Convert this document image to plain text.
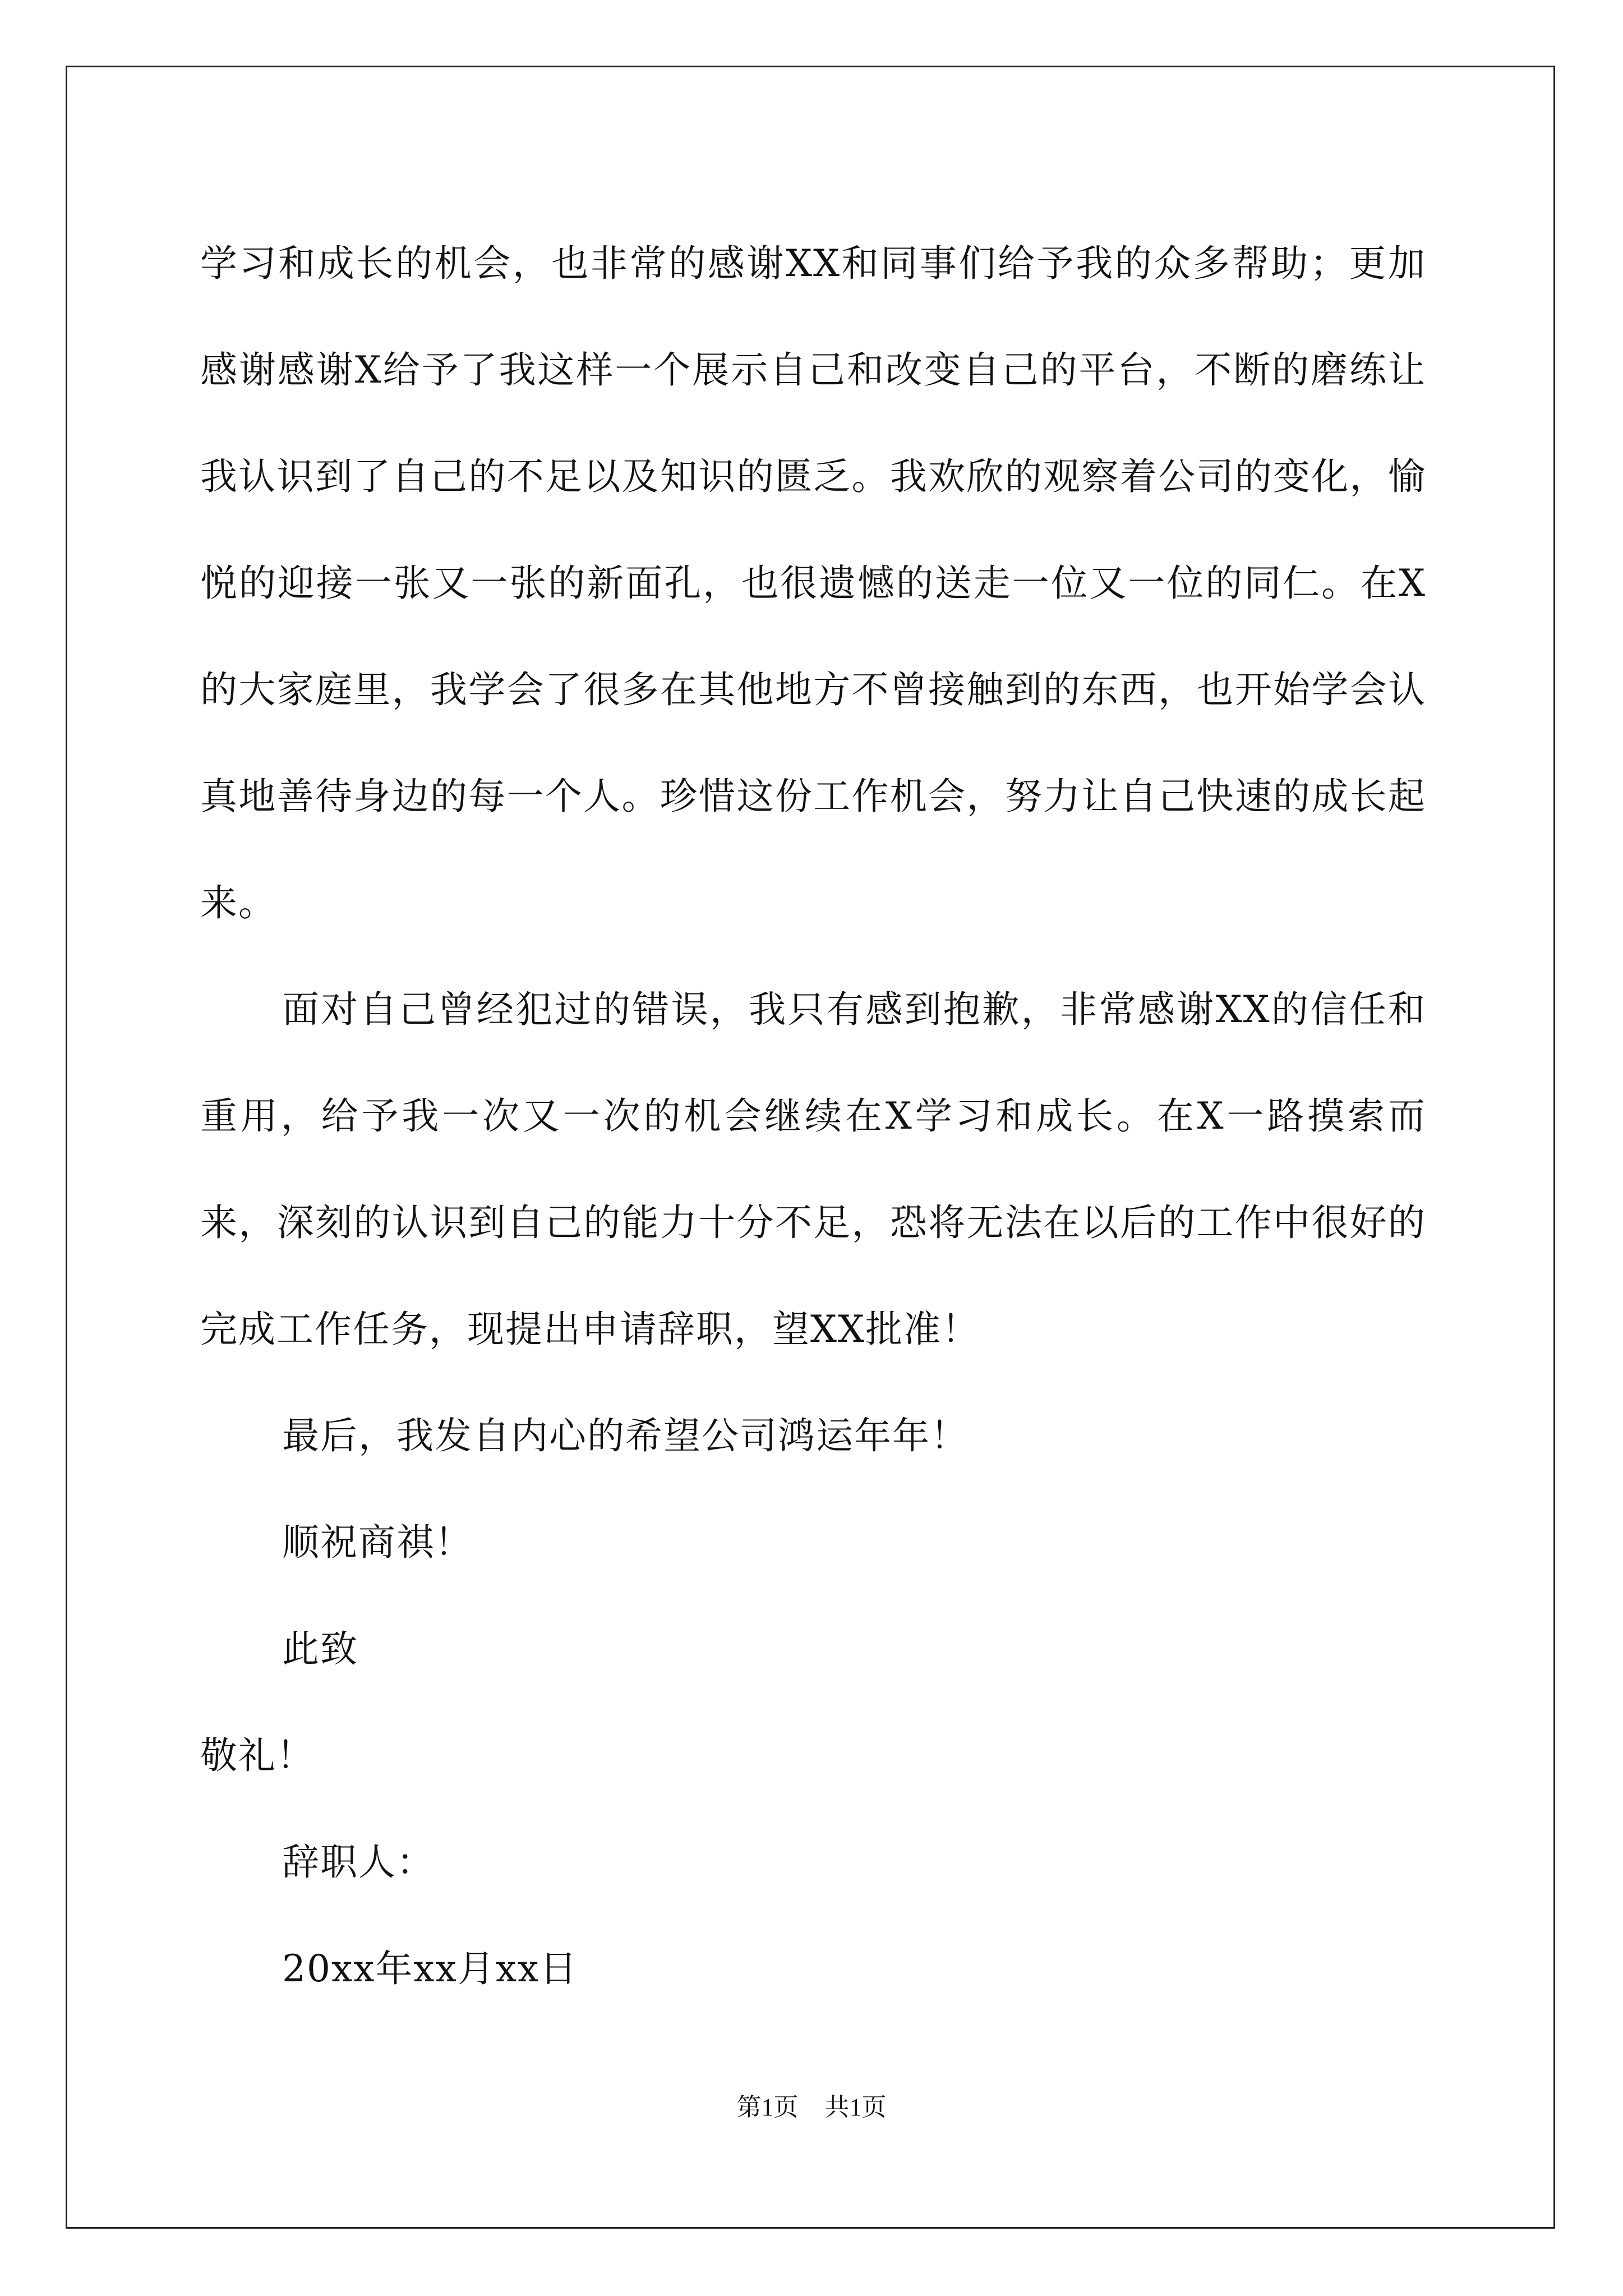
学习和成长的机会，也非常的感谢XX和同事们给予我的众多帮助；更加感谢感谢X给予了我这样一个展示自己和改变自己的平台，不断的磨练让我认识到了自己的不足以及知识的匮乏。我欢欣的观察着公司的变化，愉悦的迎接一张又一张的新面孔，也很遗憾的送走一位又一位的同仁。在X的大家庭里，我学会了很多在其他地方不曾接触到的东西，也开始学会认真地善待身边的每一个人。珍惜这份工作机会，努力让自己快速的成长起来。

面对自己曾经犯过的错误，我只有感到抱歉，非常感谢XX的信任和重用，给予我一次又一次的机会继续在X学习和成长。在X一路摸索而来，深刻的认识到自己的能力十分不足，恐将无法在以后的工作中很好的完成工作任务，现提出申请辞职，望XX批准！

最后，我发自内心的希望公司鸿运年年！

顺祝商祺！

此致

敬礼！

辞职人：

20xx年xx月xx日

第1页 共1页
